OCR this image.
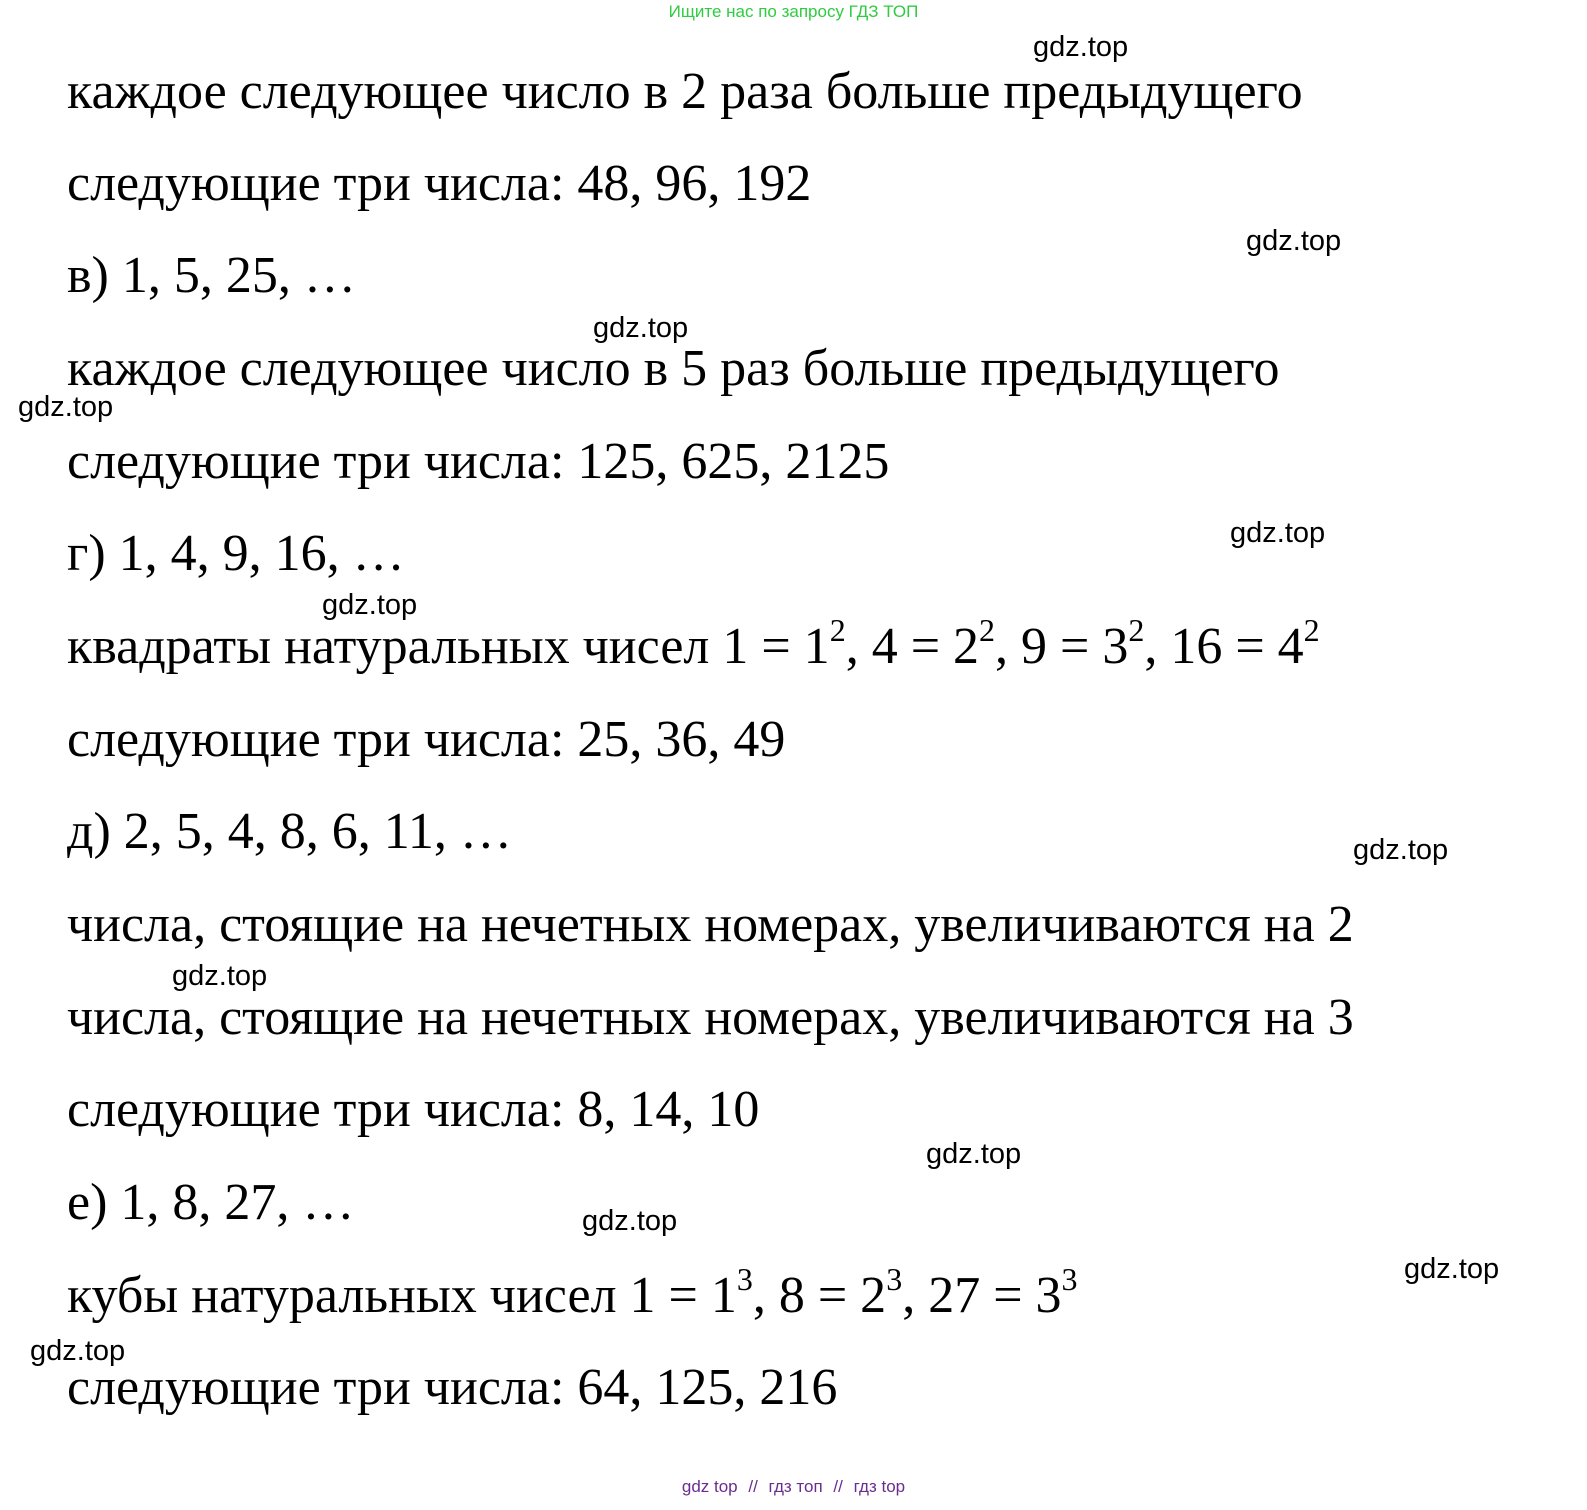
Ищите нас по запросу ГДЗ ТОП
gdz.top
gdz.top
gdz.top
gdz.top
gdz.top
gdz.top
gdz.top
gdz.top
gdz.top
gdz.top
gdz.top
gdz.top
каждое следующее число в 2 раза больше предыдущего
следующие три числа: 48, 96, 192
в) 1, 5, 25, …
каждое следующее число в 5 раз больше предыдущего
следующие три числа: 125, 625, 2125
г) 1, 4, 9, 16, …
квадраты натуральных чисел $1 = 1^2$, $4 = 2^2$, $9 = 3^2$, $16 = 4^2$
следующие три числа: 25, 36, 49
д) 2, 5, 4, 8, 6, 11, …
числа, стоящие на нечетных номерах, увеличиваются на 2
числа, стоящие на нечетных номерах, увеличиваются на 3
следующие три числа: 8, 14, 10
е) 1, 8, 27, …
кубы натуральных чисел $1 = 1^3$, $8 = 2^3$, $27 = 3^3$
следующие три числа: 64, 125, 216
gdz top // гдз топ // гдз top
